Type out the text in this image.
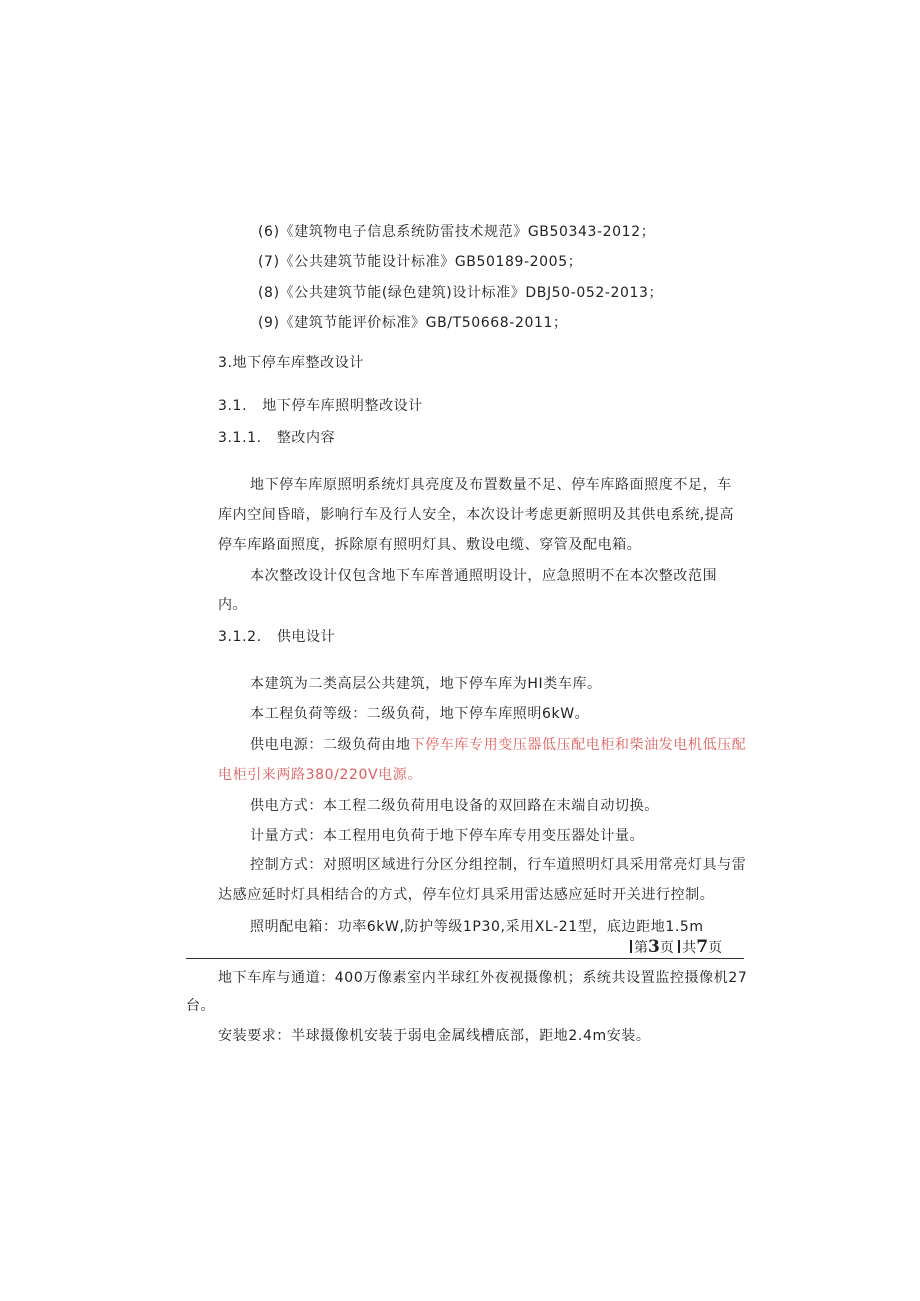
(6)《建筑物电子信息系统防雷技术规范》GB50343-2012；
(7)《公共建筑节能设计标准》GB50189-2005；
(8)《公共建筑节能(绿色建筑)设计标准》DBJ50-052-2013；
(9)《建筑节能评价标准》GB/T50668-2011；
3.地下停车库整改设计
3.1.   地下停车库照明整改设计
3.1.1.   整改内容
地下停车库原照明系统灯具亮度及布置数量不足、停车库路面照度不足，车
库内空间昏暗，影响行车及行人安全，本次设计考虑更新照明及其供电系统,提高
停车库路面照度，拆除原有照明灯具、敷设电缆、穿管及配电箱。
本次整改设计仅包含地下车库普通照明设计，应急照明不在本次整改范围
内。
3.1.2.   供电设计
本建筑为二类高层公共建筑，地下停车库为HI类车库。
本工程负荷等级：二级负荷，地下停车库照明6kW。
供电电源：二级负荷由地下停车库专用变压器低压配电柜和柴油发电机低压配
电柜引来两路380/220V电源。
供电方式：本工程二级负荷用电设备的双回路在末端自动切换。
计量方式：本工程用电负荷于地下停车库专用变压器处计量。
控制方式：对照明区域进行分区分组控制，行车道照明灯具采用常亮灯具与雷
达感应延时灯具相结合的方式，停车位灯具采用雷达感应延时开关进行控制。
照明配电箱：功率6kW,防护等级1P30,采用XL-21型，底边距地1.5m
第3页 共7页
地下车库与通道：400万像素室内半球红外夜视摄像机；系统共设置监控摄像机27
台。
安装要求：半球摄像机安装于弱电金属线槽底部，距地2.4m安装。
